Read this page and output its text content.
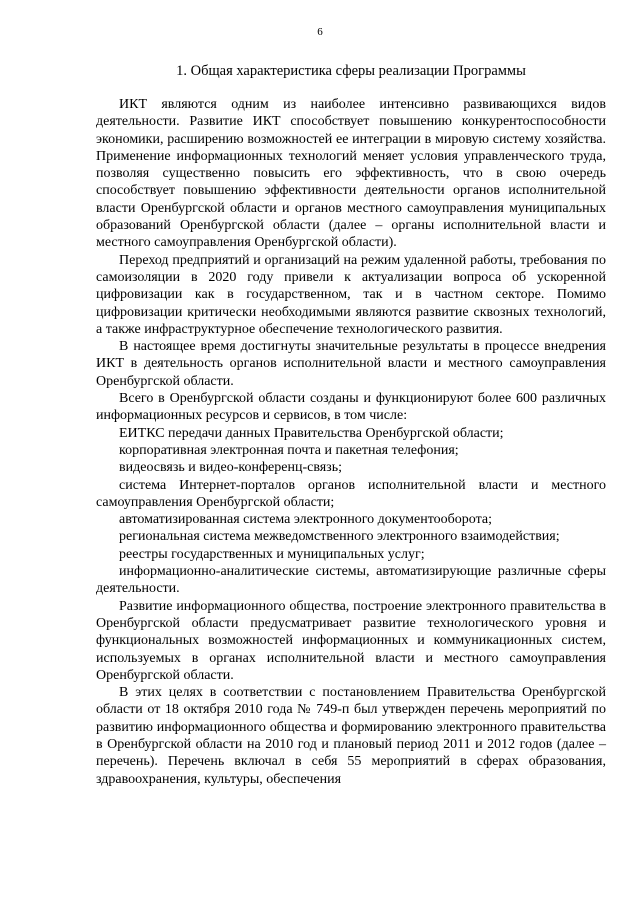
6
1. Общая характеристика сферы реализации Программы

ИКТ являются одним из наиболее интенсивно развивающихся видов деятельности. Развитие ИКТ способствует повышению конкурентоспособности экономики, расширению возможностей ее интеграции в мировую систему хозяйства. Применение информационных технологий меняет условия управленческого труда, позволяя существенно повысить его эффективность, что в свою очередь способствует повышению эффективности деятельности органов исполнительной власти Оренбургской области и органов местного самоуправления муниципальных образований Оренбургской области (далее – органы исполнительной власти и местного самоуправления Оренбургской области).

Переход предприятий и организаций на режим удаленной работы, требования по самоизоляции в 2020 году привели к актуализации вопроса об ускоренной цифровизации как в государственном, так и в частном секторе. Помимо цифровизации критически необходимыми являются развитие сквозных технологий, а также инфраструктурное обеспечение технологического развития.

В настоящее время достигнуты значительные результаты в процессе внедрения ИКТ в деятельность органов исполнительной власти и местного самоуправления Оренбургской области.

Всего в Оренбургской области созданы и функционируют более 600 различных информационных ресурсов и сервисов, в том числе:

ЕИТКС передачи данных Правительства Оренбургской области;

корпоративная электронная почта и пакетная телефония;

видеосвязь и видео-конференц-связь;

система Интернет-порталов органов исполнительной власти и местного самоуправления Оренбургской области;

автоматизированная система электронного документооборота;

региональная система межведомственного электронного взаимодействия;

реестры государственных и муниципальных услуг;

информационно-аналитические системы, автоматизирующие различные сферы деятельности.

Развитие информационного общества, построение электронного правительства в Оренбургской области предусматривает развитие технологического уровня и функциональных возможностей информационных и коммуникационных систем, используемых в органах исполнительной власти и местного самоуправления Оренбургской области.

В этих целях в соответствии с постановлением Правительства Оренбургской области от 18 октября 2010 года № 749-п был утвержден перечень мероприятий по развитию информационного общества и формированию электронного правительства в Оренбургской области на 2010 год и плановый период 2011 и 2012 годов (далее – перечень). Перечень включал в себя 55 мероприятий в сферах образования, здравоохранения, культуры, обеспечения
